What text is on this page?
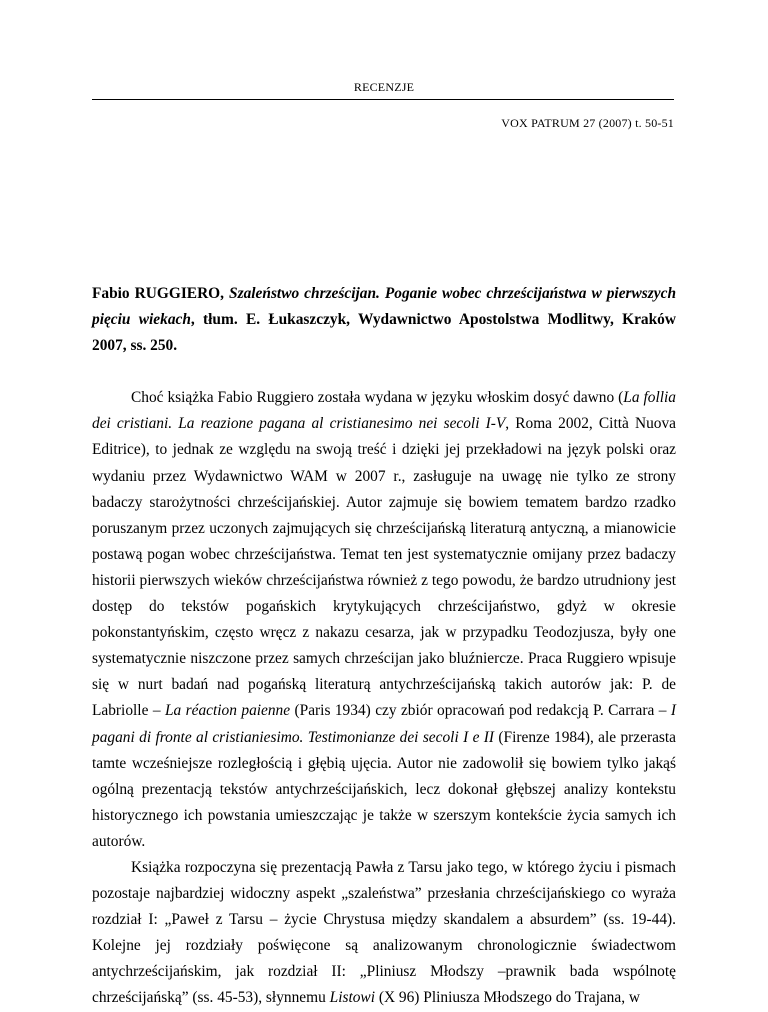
RECENZJE
VOX PATRUM 27 (2007) t. 50-51

Fabio RUGGIERO, Szaleństwo chrześcijan. Poganie wobec chrześcijaństwa w pierwszych pięciu wiekach, tłum. E. Łukaszczyk, Wydawnictwo Apostolstwa Modlitwy, Kraków 2007, ss. 250.

Choć książka Fabio Ruggiero została wydana w języku włoskim dosyć dawno (La follia dei cristiani. La reazione pagana al cristianesimo nei secoli I-V, Roma 2002, Città Nuova Editrice), to jednak ze względu na swoją treść i dzięki jej przekładowi na język polski oraz wydaniu przez Wydawnictwo WAM w 2007 r., zasługuje na uwagę nie tylko ze strony badaczy starożytności chrześcijańskiej. Autor zajmuje się bowiem tematem bardzo rzadko poruszanym przez uczonych zajmujących się chrześcijańską literaturą antyczną, a mianowicie postawą pogan wobec chrześcijaństwa. Temat ten jest systematycznie omijany przez badaczy historii pierwszych wieków chrześcijaństwa również z tego powodu, że bardzo utrudniony jest dostęp do tekstów pogańskich krytykujących chrześcijaństwo, gdyż w okresie pokonstantyńskim, często wręcz z nakazu cesarza, jak w przypadku Teodozjusza, były one systematycznie niszczone przez samych chrześcijan jako bluźniercze. Praca Ruggiero wpisuje się w nurt badań nad pogańską literaturą antychrześcijańską takich autorów jak: P. de Labriolle – La réaction paienne (Paris 1934) czy zbiór opracowań pod redakcją P. Carrara – I pagani di fronte al cristianiesimo. Testimonianze dei secoli I e II (Firenze 1984), ale przerasta tamte wcześniejsze rozległością i głębią ujęcia. Autor nie zadowolił się bowiem tylko jakąś ogólną prezentacją tekstów antychrześcijańskich, lecz dokonał głębszej analizy kontekstu historycznego ich powstania umieszczając je także w szerszym kontekście życia samych ich autorów.

Książka rozpoczyna się prezentacją Pawła z Tarsu jako tego, w którego życiu i pismach pozostaje najbardziej widoczny aspekt „szaleństwa” przesłania chrześcijańskiego co wyraża rozdział I: „Paweł z Tarsu – życie Chrystusa między skandalem a absurdem” (ss. 19-44). Kolejne jej rozdziały poświęcone są analizowanym chronologicznie świadectwom antychrześcijańskim, jak rozdział II: „Pliniusz Młodszy –prawnik bada wspólnotę chrześcijańską” (ss. 45-53), słynnemu Listowi (X 96) Pliniusza Młodszego do Trajana, w
